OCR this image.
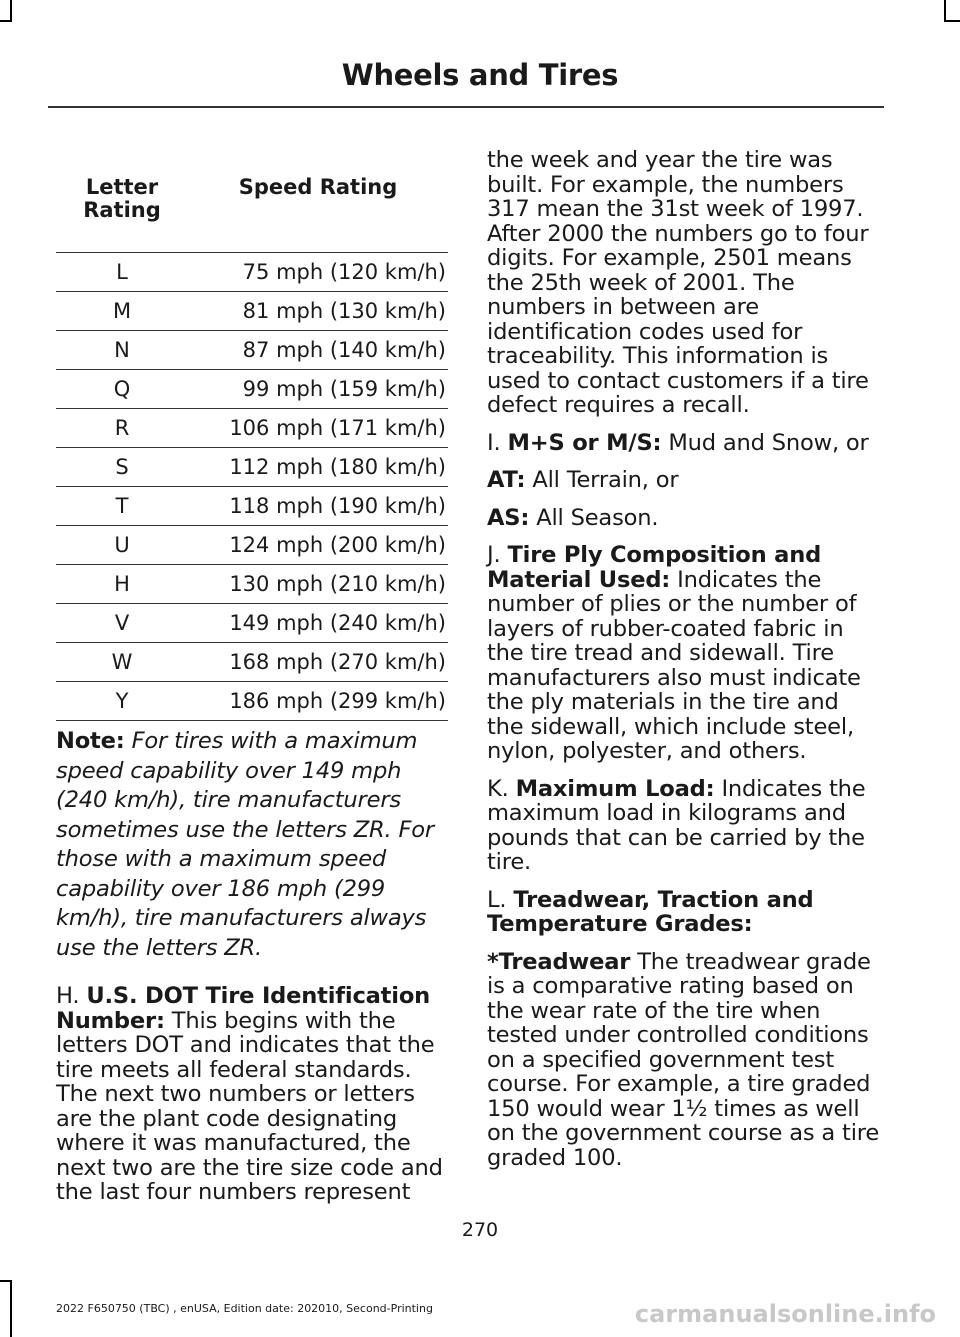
Wheels and Tires
Letter Rating	Speed Rating
L	75 mph (120 km/h)
M	81 mph (130 km/h)
N	87 mph (140 km/h)
Q	99 mph (159 km/h)
R	106 mph (171 km/h)
S	112 mph (180 km/h)
T	118 mph (190 km/h)
U	124 mph (200 km/h)
H	130 mph (210 km/h)
V	149 mph (240 km/h)
W	168 mph (270 km/h)
Y	186 mph (299 km/h)
Note: For tires with a maximum speed capability over 149 mph (240 km/h), tire manufacturers sometimes use the letters ZR. For those with a maximum speed capability over 186 mph (299 km/h), tire manufacturers always use the letters ZR.

H. U.S. DOT Tire Identification Number: This begins with the letters DOT and indicates that the tire meets all federal standards. The next two numbers or letters are the plant code designating where it was manufactured, the next two are the tire size code and the last four numbers represent

the week and year the tire was built. For example, the numbers 317 mean the 31st week of 1997. After 2000 the numbers go to four digits. For example, 2501 means the 25th week of 2001. The numbers in between are identification codes used for traceability. This information is used to contact customers if a tire defect requires a recall.

I. M+S or M/S: Mud and Snow, or

AT: All Terrain, or

AS: All Season.

J. Tire Ply Composition and Material Used: Indicates the number of plies or the number of layers of rubber-coated fabric in the tire tread and sidewall. Tire manufacturers also must indicate the ply materials in the tire and the sidewall, which include steel, nylon, polyester, and others.

K. Maximum Load: Indicates the maximum load in kilograms and pounds that can be carried by the tire.

L. Treadwear, Traction and Temperature Grades:

*Treadwear The treadwear grade is a comparative rating based on the wear rate of the tire when tested under controlled conditions on a specified government test course. For example, a tire graded 150 would wear 1½ times as well on the government course as a tire graded 100.

270
2022 F650750 (TBC) , enUSA, Edition date: 202010, Second-Printing	carmanualsonline.info
